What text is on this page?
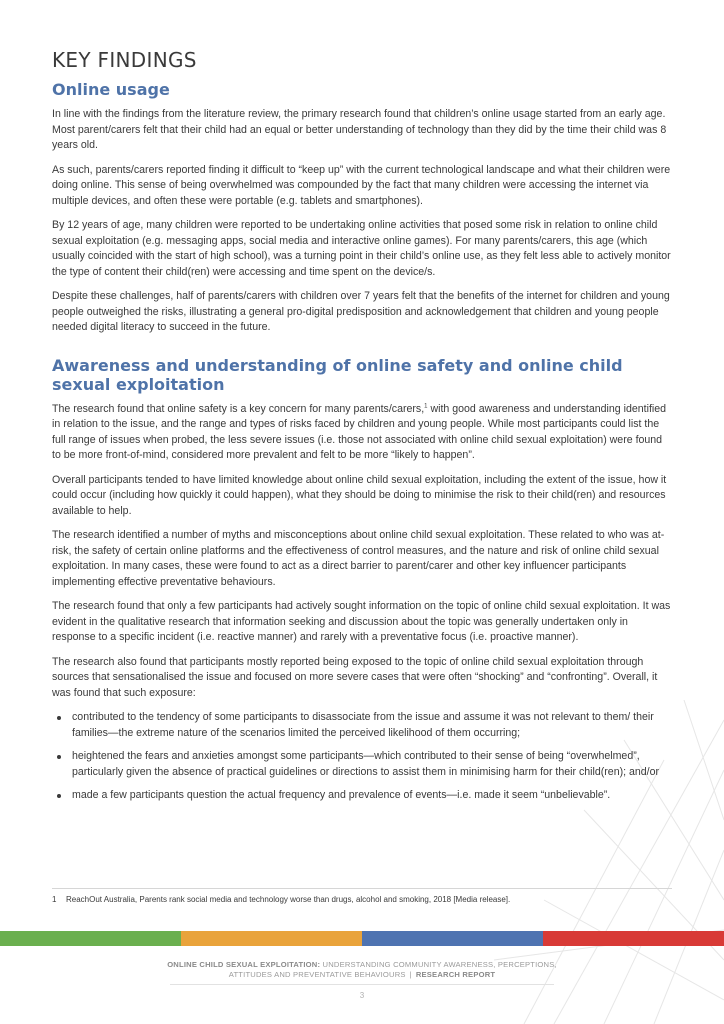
KEY FINDINGS
Online usage

In line with the findings from the literature review, the primary research found that children’s online usage started from an early age. Most parent/carers felt that their child had an equal or better understanding of technology than they did by the time their child was 8 years old.

As such, parents/carers reported finding it difficult to “keep up” with the current technological landscape and what their children were doing online. This sense of being overwhelmed was compounded by the fact that many children were accessing the internet via multiple devices, and often these were portable (e.g. tablets and smartphones).

By 12 years of age, many children were reported to be undertaking online activities that posed some risk in relation to online child sexual exploitation (e.g. messaging apps, social media and interactive online games). For many parents/carers, this age (which usually coincided with the start of high school), was a turning point in their child’s online use, as they felt less able to actively monitor the type of content their child(ren) were accessing and time spent on the device/s.

Despite these challenges, half of parents/carers with children over 7 years felt that the benefits of the internet for children and young people outweighed the risks, illustrating a general pro-digital predisposition and acknowledgement that children and young people needed digital literacy to succeed in the future.

Awareness and understanding of online safety and online child sexual exploitation

The research found that online safety is a key concern for many parents/carers,$^1$ with good awareness and understanding identified in relation to the issue, and the range and types of risks faced by children and young people. While most participants could list the full range of issues when probed, the less severe issues (i.e. those not associated with online child sexual exploitation) were found to be more front-of-mind, considered more prevalent and felt to be more “likely to happen”.

Overall participants tended to have limited knowledge about online child sexual exploitation, including the extent of the issue, how it could occur (including how quickly it could happen), what they should be doing to minimise the risk to their child(ren) and resources available to help.

The research identified a number of myths and misconceptions about online child sexual exploitation. These related to who was at-risk, the safety of certain online platforms and the effectiveness of control measures, and the nature and risk of online child sexual exploitation. In many cases, these were found to act as a direct barrier to parent/carer and other key influencer participants implementing effective preventative behaviours.

The research found that only a few participants had actively sought information on the topic of online child sexual exploitation. It was evident in the qualitative research that information seeking and discussion about the topic was generally undertaken only in response to a specific incident (i.e. reactive manner) and rarely with a preventative focus (i.e. proactive manner).

The research also found that participants mostly reported being exposed to the topic of online child sexual exploitation through sources that sensationalised the issue and focused on more severe cases that were often “shocking” and “confronting”. Overall, it was found that such exposure:

contributed to the tendency of some participants to disassociate from the issue and assume it was not relevant to them/ their families—the extreme nature of the scenarios limited the perceived likelihood of them occurring;
heightened the fears and anxieties amongst some participants—which contributed to their sense of being “overwhelmed”, particularly given the absence of practical guidelines or directions to assist them in minimising harm for their child(ren); and/or
made a few participants question the actual frequency and prevalence of events—i.e. made it seem “unbelievable”.
1 ReachOut Australia, Parents rank social media and technology worse than drugs, alcohol and smoking, 2018 [Media release].
ONLINE CHILD SEXUAL EXPLOITATION: UNDERSTANDING COMMUNITY AWARENESS, PERCEPTIONS, ATTITUDES AND PREVENTATIVE BEHAVIOURS | RESEARCH REPORT
3
